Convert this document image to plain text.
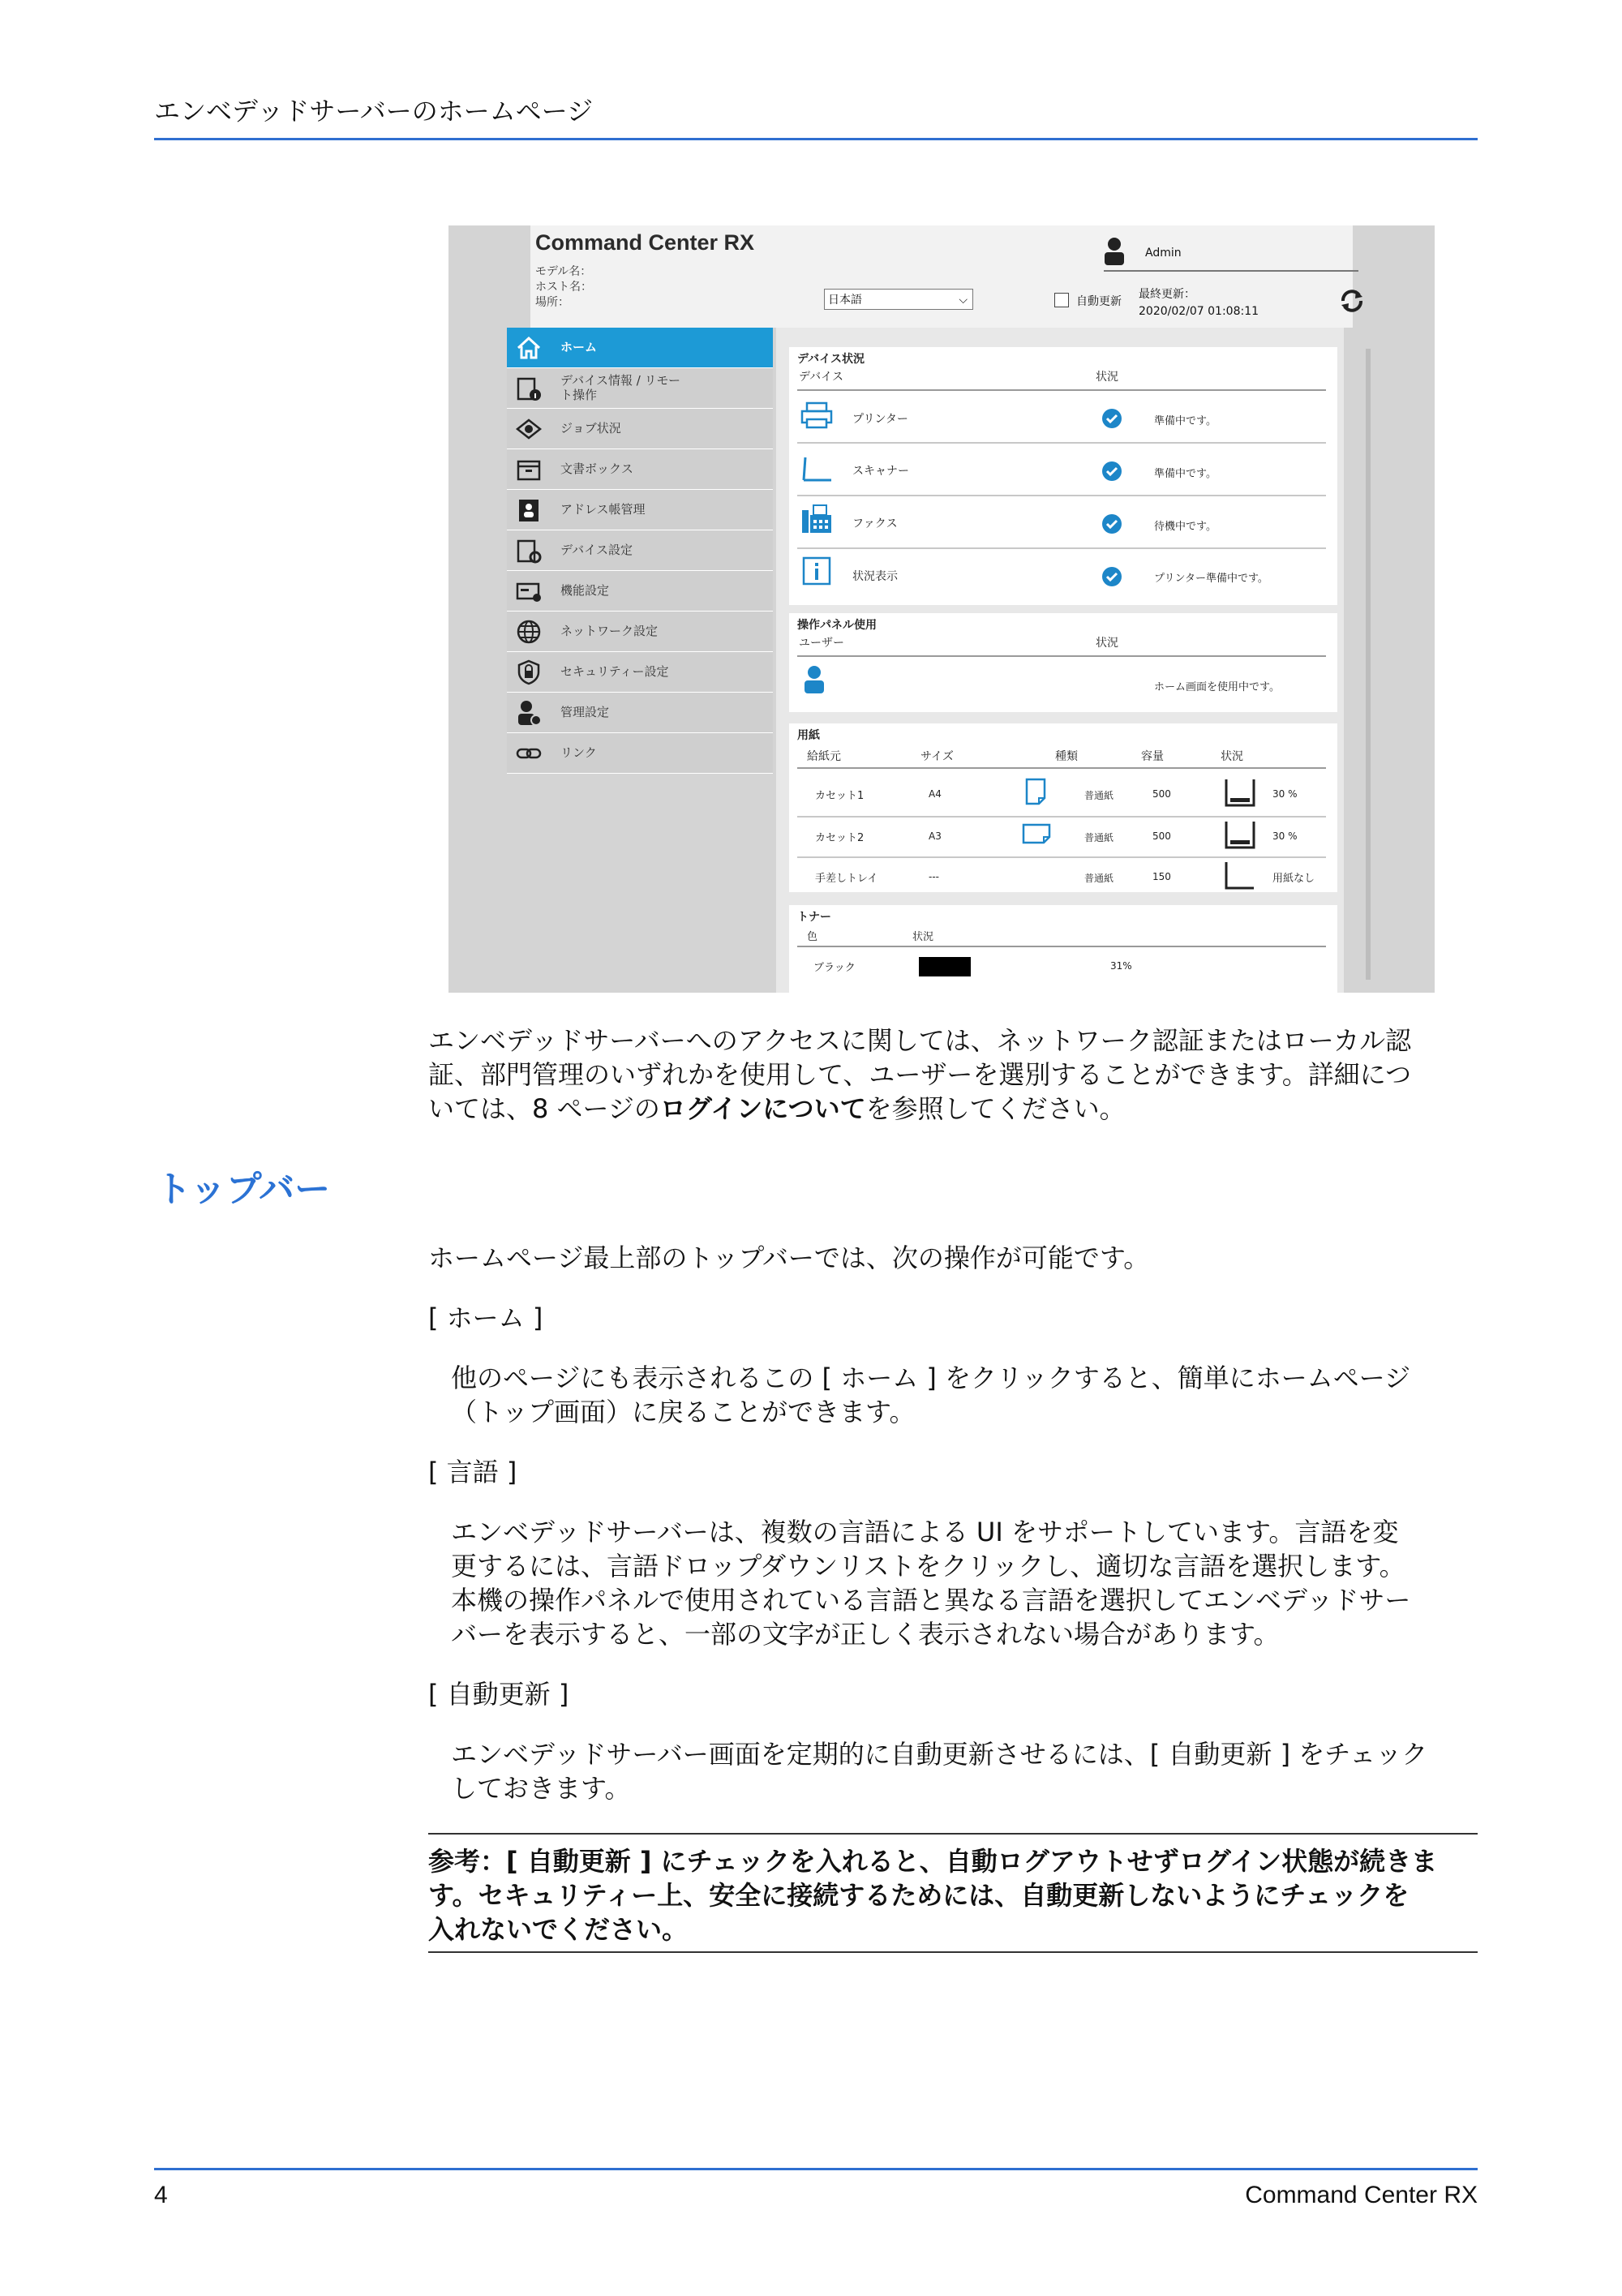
エンベデッドサーバーのホームページ
Command Center RX
モデル名：
ホスト名：
場所：	日本語	⌵	自動更新
Admin
最終更新：
2020/02/07 01:08:11
ホーム
デバイス情報 / リモー
ト操作
ジョブ状況
文書ボックス
アドレス帳管理
デバイス設定
機能設定
ネットワーク設定
セキュリティー設定
管理設定
リンク
デバイス状況
デバイス	状況
プリンター	準備中です。
スキャナー	準備中です。
ファクス	待機中です。
状況表示	プリンター準備中です。
操作パネル使用
ユーザー	状況
ホーム画面を使用中です。
用紙
給紙元	サイズ	種類	容量	状況
カセット1	A4	普通紙	500	30 %
カセット2	A3	普通紙	500	30 %
手差しトレイ	---	普通紙	150	用紙なし
トナー
色	状況
ブラック	31%
エンベデッドサーバーへのアクセスに関しては、ネットワーク認証またはローカル認
証、部門管理のいずれかを使用して、ユーザーを選別することができます。詳細につ
いては、8 ページのログインについてを参照してください。
トップバー
ホームページ最上部のトップバーでは、次の操作が可能です。
[ ホーム ]
他のページにも表示されるこの [ ホーム ] をクリックすると、簡単にホームページ
（トップ画面）に戻ることができます。
[ 言語 ]
エンベデッドサーバーは、複数の言語による UI をサポートしています。言語を変
更するには、言語ドロップダウンリストをクリックし、適切な言語を選択します。
本機の操作パネルで使用されている言語と異なる言語を選択してエンベデッドサー
バーを表示すると、一部の文字が正しく表示されない場合があります。
[ 自動更新 ]
エンベデッドサーバー画面を定期的に自動更新させるには、[ 自動更新 ] をチェック
しておきます。
参考：[ 自動更新 ] にチェックを入れると、自動ログアウトせずログイン状態が続きま
す。セキュリティー上、安全に接続するためには、自動更新しないようにチェックを
入れないでください。
4	Command Center RX
